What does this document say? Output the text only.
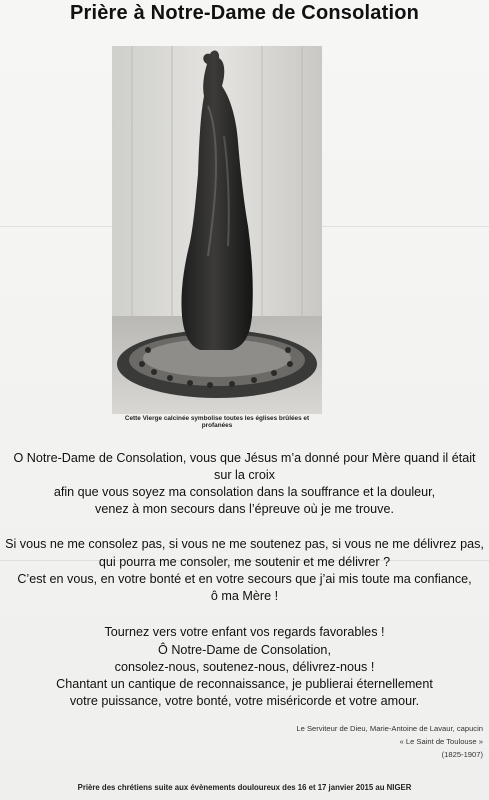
Prière à Notre-Dame de Consolation
Cette Vierge calcinée symbolise toutes les églises brûlées et profanées
O Notre-Dame de Consolation, vous que Jésus m’a donné pour Mère quand il était
sur la croix
afin que vous soyez ma consolation dans la souffrance et la douleur,
venez à mon secours dans l’épreuve où je me trouve.
Si vous ne me consolez pas, si vous ne me soutenez pas, si vous ne me délivrez pas,
qui pourra me consoler, me soutenir et me délivrer ?
C’est en vous, en votre bonté et en votre secours que j’ai mis toute ma confiance,
ô ma Mère !
Tournez vers votre enfant vos regards favorables !
Ô Notre-Dame de Consolation,
consolez-nous, soutenez-nous, délivrez-nous !
Chantant un cantique de reconnaissance, je publierai éternellement
votre puissance, votre bonté, votre miséricorde et votre amour.
Le Serviteur de Dieu, Marie-Antoine de Lavaur, capucin
« Le Saint de Toulouse »
(1825-1907)
Prière des chrétiens suite aux évènements douloureux des 16 et 17 janvier 2015 au NIGER
